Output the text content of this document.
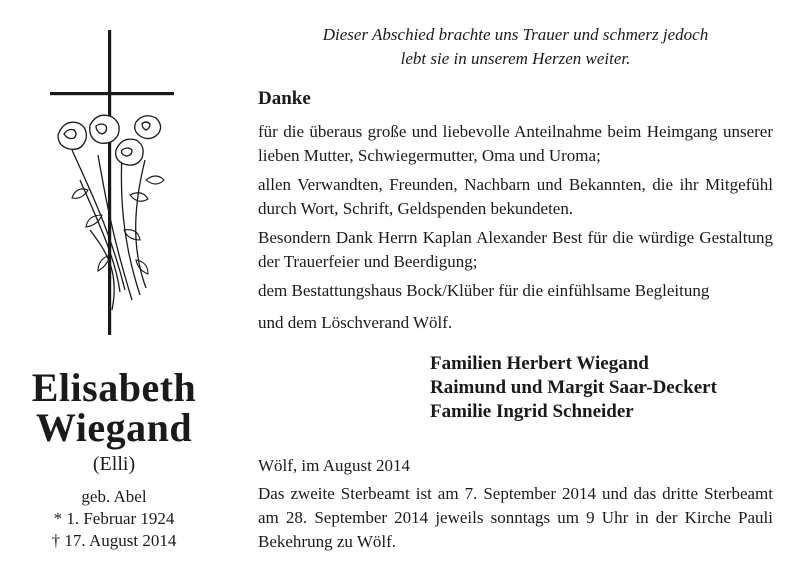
Elisabeth
Wiegand
(Elli)
geb. Abel
* 1. Februar 1924
† 17. August 2014
Dieser Abschied brachte uns Trauer und schmerz jedoch
lebt sie in unserem Herzen weiter.
Danke

für die überaus große und liebevolle Anteilnahme beim Heimgang unserer lieben Mutter, Schwiegermutter, Oma und Uroma;

allen Verwandten, Freunden, Nachbarn und Bekannten, die ihr Mitgefühl durch Wort, Schrift, Geldspenden bekundeten.

Besondern Dank Herrn Kaplan Alexander Best für die würdige Gestaltung der Trauerfeier und Beerdigung;

dem Bestattungshaus Bock/Klüber für die einfühlsame Begleitung

und dem Löschverand Wölf.

Familien Herbert Wiegand
Raimund und Margit Saar-Deckert
Familie Ingrid Schneider
Wölf, im August 2014
Das zweite Sterbeamt ist am 7. September 2014 und das dritte Sterbeamt am 28. September 2014 jeweils sonntags um 9 Uhr in der Kirche Pauli Bekehrung zu Wölf.
